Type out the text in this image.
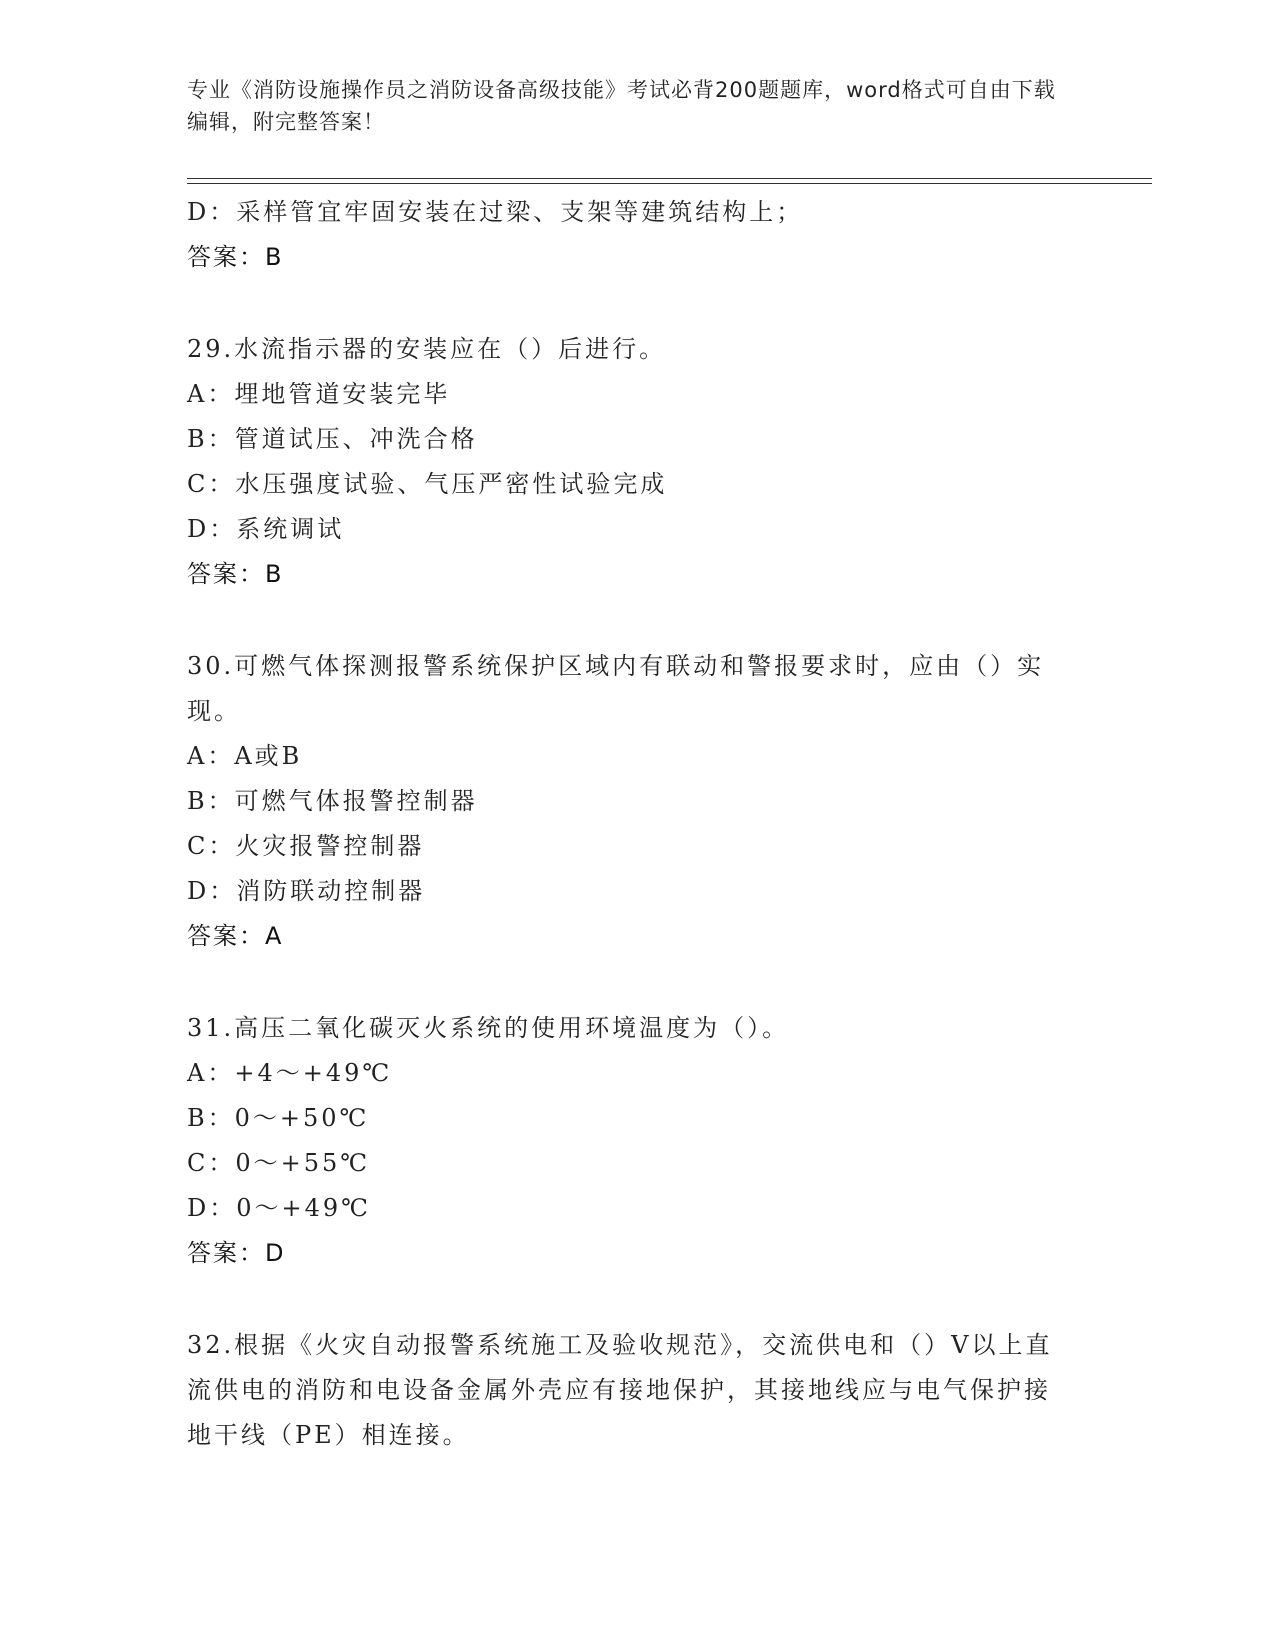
专业《消防设施操作员之消防设备高级技能》考试必背200题题库，word格式可自由下载编辑，附完整答案！
D：采样管宜牢固安装在过梁、支架等建筑结构上；
答案：B
29.水流指示器的安装应在（）后进行。
A：埋地管道安装完毕
B：管道试压、冲洗合格
C：水压强度试验、气压严密性试验完成
D：系统调试
答案：B
30.可燃气体探测报警系统保护区域内有联动和警报要求时，应由（）实现。
A：A或B
B：可燃气体报警控制器
C：火灾报警控制器
D：消防联动控制器
答案：A
31.高压二氧化碳灭火系统的使用环境温度为（）。
A：+4～+49℃
B：0～+50℃
C：0～+55℃
D：0～+49℃
答案：D
32.根据《火灾自动报警系统施工及验收规范》，交流供电和（）V以上直流供电的消防和电设备金属外壳应有接地保护，其接地线应与电气保护接地干线（PE）相连接。
